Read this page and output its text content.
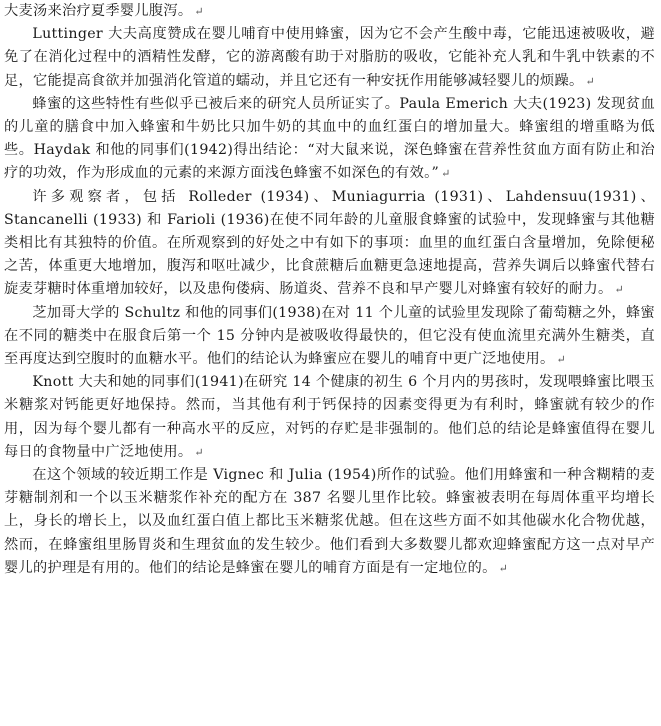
大麦汤来治疗夏季婴儿腹泻。 ↵

Luttinger 大夫高度赞成在婴儿哺育中使用蜂蜜，因为它不会产生酸中毒，它能迅速被吸收，避免了在消化过程中的酒精性发酵，它的游离酸有助于对脂肪的吸收，它能补充人乳和牛乳中铁素的不足，它能提高食欲并加强消化管道的蠕动，并且它还有一种安抚作用能够减轻婴儿的烦躁。 ↵

蜂蜜的这些特性有些似乎已被后来的研究人员所证实了。Paula Emerich 大夫(1923) 发现贫血的儿童的膳食中加入蜂蜜和牛奶比只加牛奶的其血中的血红蛋白的增加量大。蜂蜜组的增重略为低些。Haydak 和他的同事们(1942)得出结论：“对大鼠来说，深色蜂蜜在营养性贫血方面有防止和治疗的功效，作为形成血的元素的来源方面浅色蜂蜜不如深色的有效。” ↵

许多观察者，包括 Rolleder (1934)、Muniagurria (1931)、Lahdensuu(1931)、Stancanelli (1933) 和 Farioli (1936)在使不同年龄的儿童服食蜂蜜的试验中，发现蜂蜜与其他糖类相比有其独特的价值。在所观察到的好处之中有如下的事项：血里的血红蛋白含量增加，免除便秘之苦，体重更大地增加，腹泻和呕吐减少，比食蔗糖后血糖更急速地提高，营养失调后以蜂蜜代替右旋麦芽糖时体重增加较好，以及患佝偻病、肠道炎、营养不良和早产婴儿对蜂蜜有较好的耐力。 ↵

芝加哥大学的 Schultz 和他的同事们(1938)在对 11 个儿童的试验里发现除了葡萄糖之外，蜂蜜在不同的糖类中在服食后第一个 15 分钟内是被吸收得最快的，但它没有使血流里充满外生糖类，直至再度达到空腹时的血糖水平。他们的结论认为蜂蜜应在婴儿的哺育中更广泛地使用。 ↵

Knott 大夫和她的同事们(1941)在研究 14 个健康的初生 6 个月内的男孩时，发现喂蜂蜜比喂玉米糖浆对钙能更好地保持。然而，当其他有利于钙保持的因素变得更为有利时，蜂蜜就有较少的作用，因为每个婴儿都有一种高水平的反应，对钙的存贮是非强制的。他们总的结论是蜂蜜值得在婴儿每日的食物量中广泛地使用。 ↵

在这个领域的较近期工作是 Vignec 和 Julia (1954)所作的试验。他们用蜂蜜和一种含糊精的麦芽糖制剂和一个以玉米糖浆作补充的配方在 387 名婴儿里作比较。蜂蜜被表明在每周体重平均增长上，身长的增长上，以及血红蛋白值上都比玉米糖浆优越。但在这些方面不如其他碳水化合物优越，然而，在蜂蜜组里肠胃炎和生理贫血的发生较少。他们看到大多数婴儿都欢迎蜂蜜配方这一点对早产婴儿的护理是有用的。他们的结论是蜂蜜在婴儿的哺育方面是有一定地位的。 ↵
